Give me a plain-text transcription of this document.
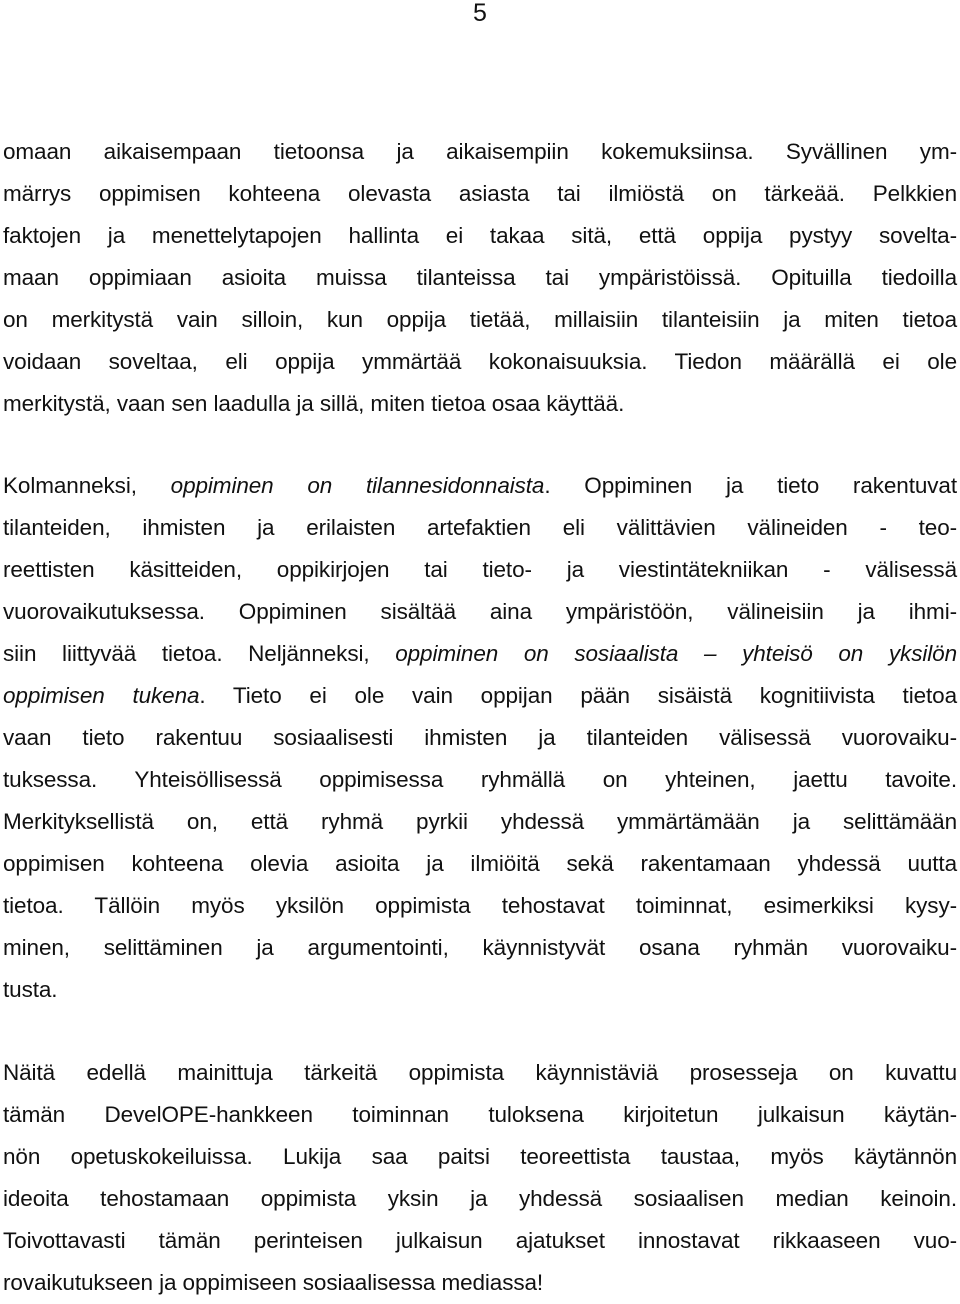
5
omaan aikaisempaan tietoonsa ja aikaisempiin kokemuksiinsa. Syvällinen ym-
märrys oppimisen kohteena olevasta asiasta tai ilmiöstä on tärkeää. Pelkkien
faktojen ja menettelytapojen hallinta ei takaa sitä, että oppija pystyy sovelta-
maan oppimiaan asioita muissa tilanteissa tai ympäristöissä. Opituilla tiedoilla
on merkitystä vain silloin, kun oppija tietää, millaisiin tilanteisiin ja miten tietoa
voidaan soveltaa, eli oppija ymmärtää kokonaisuuksia. Tiedon määrällä ei ole
merkitystä, vaan sen laadulla ja sillä, miten tietoa osaa käyttää.
Kolmanneksi, oppiminen on tilannesidonnaista. Oppiminen ja tieto rakentuvat
tilanteiden, ihmisten ja erilaisten artefaktien eli välittävien välineiden - teo-
reettisten käsitteiden, oppikirjojen tai tieto- ja viestintätekniikan - välisessä
vuorovaikutuksessa. Oppiminen sisältää aina ympäristöön, välineisiin ja ihmi-
siin liittyvää tietoa. Neljänneksi, oppiminen on sosiaalista – yhteisö on yksilön
oppimisen tukena. Tieto ei ole vain oppijan pään sisäistä kognitiivista tietoa
vaan tieto rakentuu sosiaalisesti ihmisten ja tilanteiden välisessä vuorovaiku-
tuksessa. Yhteisöllisessä oppimisessa ryhmällä on yhteinen, jaettu tavoite.
Merkityksellistä on, että ryhmä pyrkii yhdessä ymmärtämään ja selittämään
oppimisen kohteena olevia asioita ja ilmiöitä sekä rakentamaan yhdessä uutta
tietoa. Tällöin myös yksilön oppimista tehostavat toiminnat, esimerkiksi kysy-
minen, selittäminen ja argumentointi, käynnistyvät osana ryhmän vuorovaiku-
tusta.
Näitä edellä mainittuja tärkeitä oppimista käynnistäviä prosesseja on kuvattu
tämän DevelOPE-hankkeen toiminnan tuloksena kirjoitetun julkaisun käytän-
nön opetuskokeiluissa. Lukija saa paitsi teoreettista taustaa, myös käytännön
ideoita tehostamaan oppimista yksin ja yhdessä sosiaalisen median keinoin.
Toivottavasti tämän perinteisen julkaisun ajatukset innostavat rikkaaseen vuo-
rovaikutukseen ja oppimiseen sosiaalisessa mediassa!
